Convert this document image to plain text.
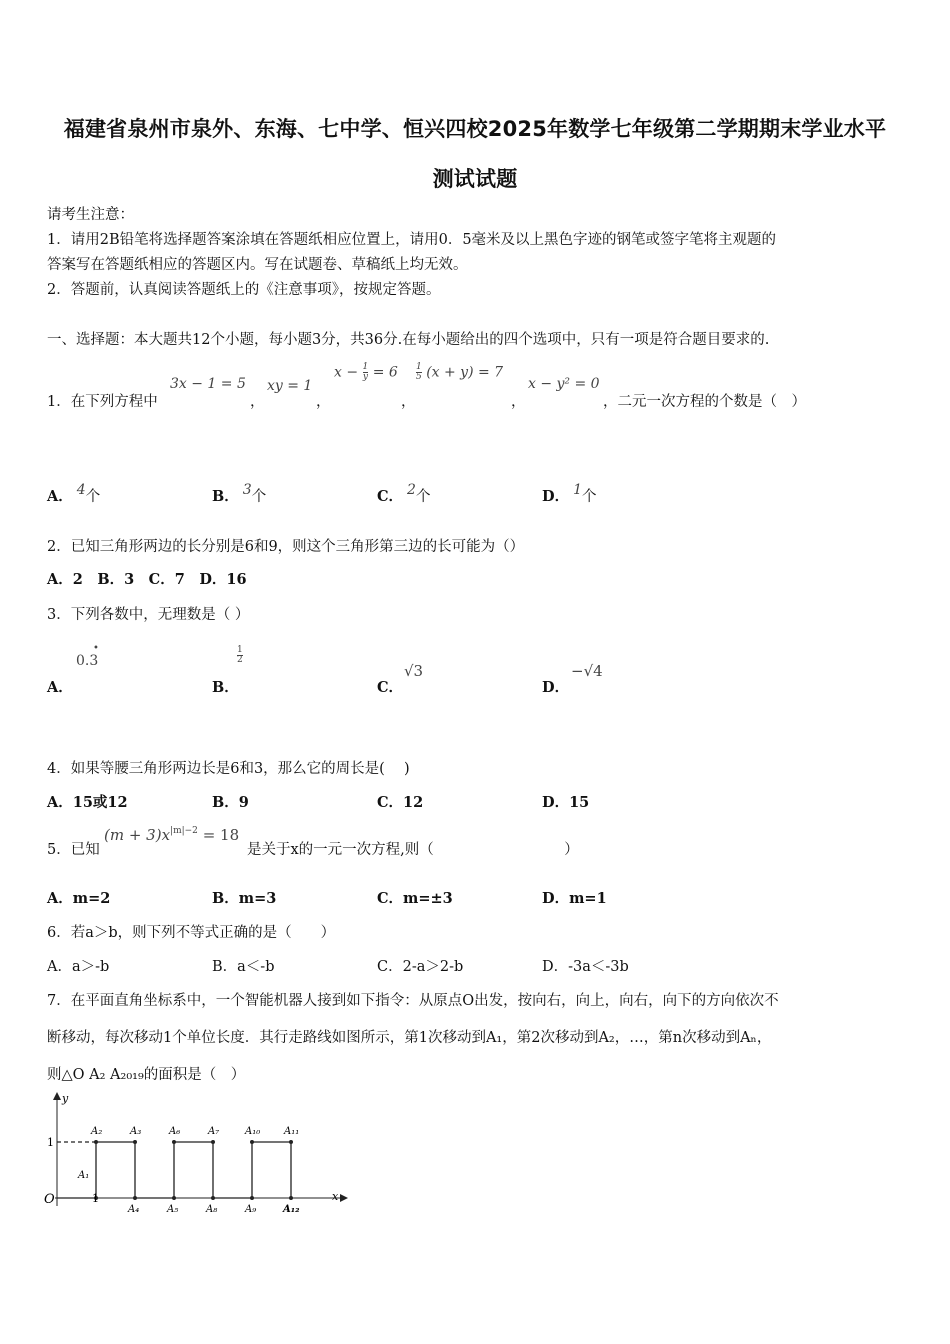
福建省泉州市泉外、东海、七中学、恒兴四校2025年数学七年级第二学期期末学业水平
测试试题
请考生注意：
1．请用2B铅笔将选择题答案涂填在答题纸相应位置上，请用0．5毫米及以上黑色字迹的钢笔或签字笔将主观题的
答案写在答题纸相应的答题区内。写在试题卷、草稿纸上均无效。
2．答题前，认真阅读答题纸上的《注意事项》，按规定答题。
一、选择题：本大题共12个小题，每小题3分，共36分.在每小题给出的四个选项中，只有一项是符合题目要求的.
1．在下列方程中
3x − 1 = 5
，
xy = 1
，
$x - \frac{1}{y} = 6$
，
$\frac{1}{5} (x + y) = 7$
，
x − y² = 0
，二元一次方程的个数是（　）
A． 4个	B． 3个	C． 2个	D． 1个
2．已知三角形两边的长分别是6和9，则这个三角形第三边的长可能为（）
A．2　B．3　C．7　D．16
3．下列各数中，无理数是（ ）
A．
0.3
•
B．
$\frac{1}{2}$
C．
√3
D．
−√4
4．如果等腰三角形两边长是6和3，那么它的周长是(　 )
A．15或12	B．9	C．12	D．15
5．已知
$(m + 3)x^{|m|-2} = 18$
是关于x的一元一次方程,则（　　　　　　　　　）
A．m=2	B．m=3	C．m=±3	D．m=1
6．若a＞b，则下列不等式正确的是（　　）
A．a＞-b	B．a＜-b	C．2-a＞2-b	D．-3a＜-3b
7．在平面直角坐标系中，一个智能机器人接到如下指令：从原点O出发，按向右，向上，向右，向下的方向依次不
断移动，每次移动1个单位长度．其行走路线如图所示，第1次移动到A₁，第2次移动到A₂，…，第n次移动到Aₙ，
则△O A₂ A₂₀₁₉的面积是（　）
y
x
O	1
1
A₁
A₂	A₃	A₆	A₇	A₁₀ A₁₁
A₄	A₅	A₈	A₉	A₁₂
